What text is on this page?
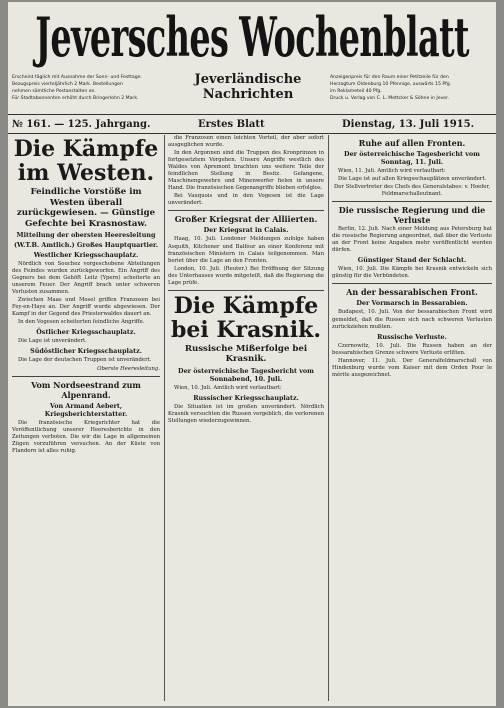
Jeversches Wochenblatt
Erscheint täglich mit Ausnahme der Sonn- und Festtage.
Bezugspreis vierteljährlich 2 Mark. Bestellungen
nehmen sämtliche Postanstalten an.
Für Stadtabonnenten erhöht durch Bringerlohn 2 Mark.
Jeverländische
Nachrichten
Anzeigenpreis für den Raum einer Petitzeile für den
Herzogtum Oldenburg 10 Pfennige, auswärts 15 Pfg.
im Reklameteil 40 Pfg.
Druck u. Verlag von C. L. Mettcker & Söhne in Jever.
№ 161. — 125. Jahrgang.	Erstes Blatt	Dienstag, 13. Juli 1915.
Die Kämpfe im Westen.
Feindliche Vorstöße im Westen überall zurückgewiesen. — Günstige Gefechte bei Krasnostaw.
Mitteilung der obersten Heeresleitung
(W.T.B. Amtlich.) Großes Hauptquartier.
Westlicher Kriegsschauplatz.

Nördlich von Souchez vorgeschobene Abteilungen des Feindes wurden zurückgeworfen. Ein Angriff des Gegners bei dem Gehöft Leitz (Ypern) scheiterte an unserem Feuer. Der Angriff brach unter schweren Verlusten zusammen.

Zwischen Maas und Mosel griffen Franzosen bei Fey-en-Haye an. Der Angriff wurde abgewiesen. Der Kampf in der Gegend des Priesterwaldes dauert an.

In den Vogesen scheiterten feindliche Angriffe.

Östlicher Kriegsschauplatz.

Die Lage ist unverändert.

Südöstlicher Kriegsschauplatz.

Die Lage der deutschen Truppen ist unverändert.

Oberste Heeresleitung.
Vom Nordseestrand zum Alpenrand.
Von Armand Aebert, Kriegsberichterstatter.

Die französische Kriegsrichter hat die Veröffentlichung unserer Heeresberichte in den Zeitungen verboten. Die wir die Lage in allgemeinen Zügen vorzuführen versuchen. An der Küste von Flandern ist alles ruhig.

die Franzosen einen leichten Vorteil, der aber sofort ausgeglichen wurde.

In den Argonnen sind die Truppen des Kronprinzen in fortgesetztem Vorgehen. Unsere Angriffe westlich des Waldes von Apremont brachten uns weitere Teile der feindlichen Stellung in Besitz. Gefangene, Maschinengewehre und Minenwerfer fielen in unsere Hand. Die französischen Gegenangriffe blieben erfolglos.

Bei Vauquois und in den Vogesen ist die Lage unverändert.

Großer Kriegsrat der Alliierten.
Der Kriegsrat in Calais.

Haag, 10. Juli. Londoner Meldungen zufolge haben Asquith, Kitchener und Balfour an einer Konferenz mit französischen Ministern in Calais teilgenommen. Man beriet über die Lage an den Fronten.

London, 10. Juli. (Reuter.) Bei Eröffnung der Sitzung des Unterhauses wurde mitgeteilt, daß die Regierung die Lage prüfe.

Die Kämpfe bei Krasnik.
Russische Mißerfolge bei Krasnik.
Der österreichische Tagesbericht vom Sonnabend, 10. Juli.

Wien, 10. Juli. Amtlich wird verlautbart:

Russischer Kriegsschauplatz.

Die Situation ist im großen unverändert. Nördlich Krasnik versuchten die Russen vergeblich, die verlorenen Stellungen wiederzugewinnen.

Ruhe auf allen Fronten.
Der österreichische Tagesbericht vom Sonntag, 11. Juli.

Wien, 11. Juli. Amtlich wird verlautbart:

Die Lage ist auf allen Kriegsschauplätzen unverändert.

Der Stellvertreter des Chefs des Generalstabes: v. Hoefer, Feldmarschalleutnant.
Die russische Regierung und die Verluste

Berlin, 12. Juli. Nach einer Meldung aus Petersburg hat die russische Regierung angeordnet, daß über die Verluste an der Front keine Angaben mehr veröffentlicht werden dürfen.

Günstiger Stand der Schlacht.

Wien, 10. Juli. Die Kämpfe bei Krasnik entwickeln sich günstig für die Verbündeten.

An der bessarabischen Front.
Der Vormarsch in Bessarabien.

Budapest, 10. Juli. Von der bessarabischen Front wird gemeldet, daß die Russen sich nach schweren Verlusten zurückziehen mußten.

Russische Verluste.

Czernowitz, 10. Juli. Die Russen haben an der bessarabischen Grenze schwere Verluste erlitten.

Hannover, 11. Juli. Der Generalfeldmarschall von Hindenburg wurde vom Kaiser mit dem Orden Pour le mérite ausgezeichnet.
